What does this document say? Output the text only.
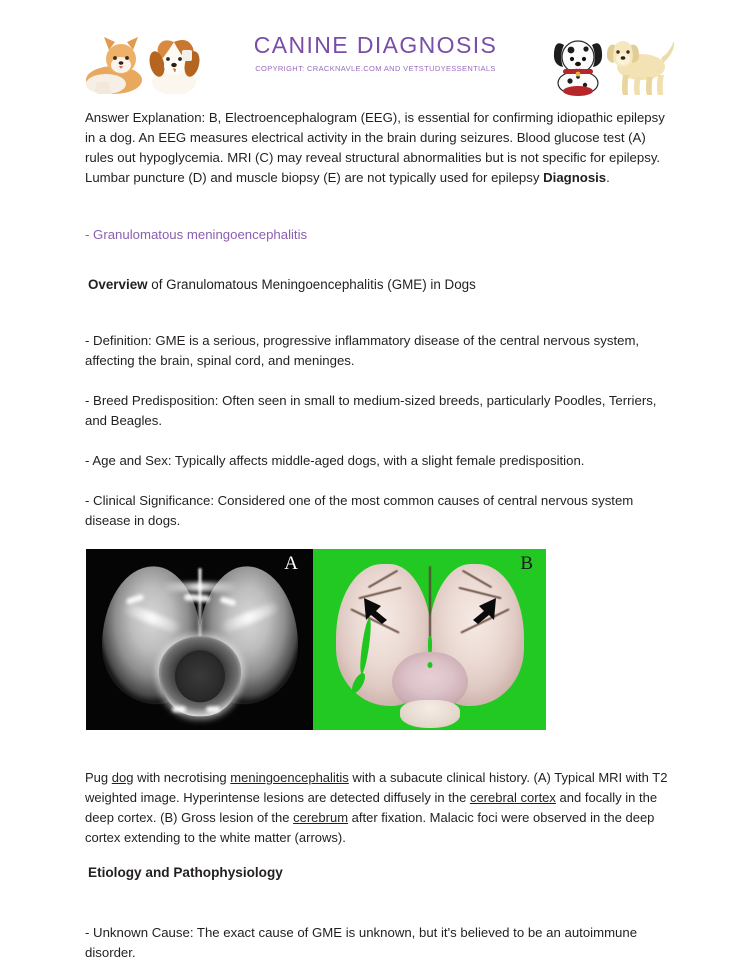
CANINE DIAGNOSIS
COPYRIGHT: CRACKNAVLE.COM AND VETSTUDYESSENTIALS

Answer Explanation: B, Electroencephalogram (EEG), is essential for confirming idiopathic epilepsy in a dog. An EEG measures electrical activity in the brain during seizures. Blood glucose test (A) rules out hypoglycemia. MRI (C) may reveal structural abnormalities but is not specific for epilepsy. Lumbar puncture (D) and muscle biopsy (E) are not typically used for epilepsy Diagnosis.

- Granulomatous meningoencephalitis
Overview of Granulomatous Meningoencephalitis (GME) in Dogs
- Definition: GME is a serious, progressive inflammatory disease of the central nervous system, affecting the brain, spinal cord, and meninges.
- Breed Predisposition: Often seen in small to medium-sized breeds, particularly Poodles, Terriers, and Beagles.
- Age and Sex: Typically affects middle-aged dogs, with a slight female predisposition.
- Clinical Significance: Considered one of the most common causes of central nervous system disease in dogs.
A	B

Pug dog with necrotising meningoencephalitis with a subacute clinical history. (A) Typical MRI with T2 weighted image. Hyperintense lesions are detected diffusely in the cerebral cortex and focally in the deep cortex. (B) Gross lesion of the cerebrum after fixation. Malacic foci were observed in the deep cortex extending to the white matter (arrows).

Etiology and Pathophysiology
- Unknown Cause: The exact cause of GME is unknown, but it's believed to be an autoimmune disorder.
